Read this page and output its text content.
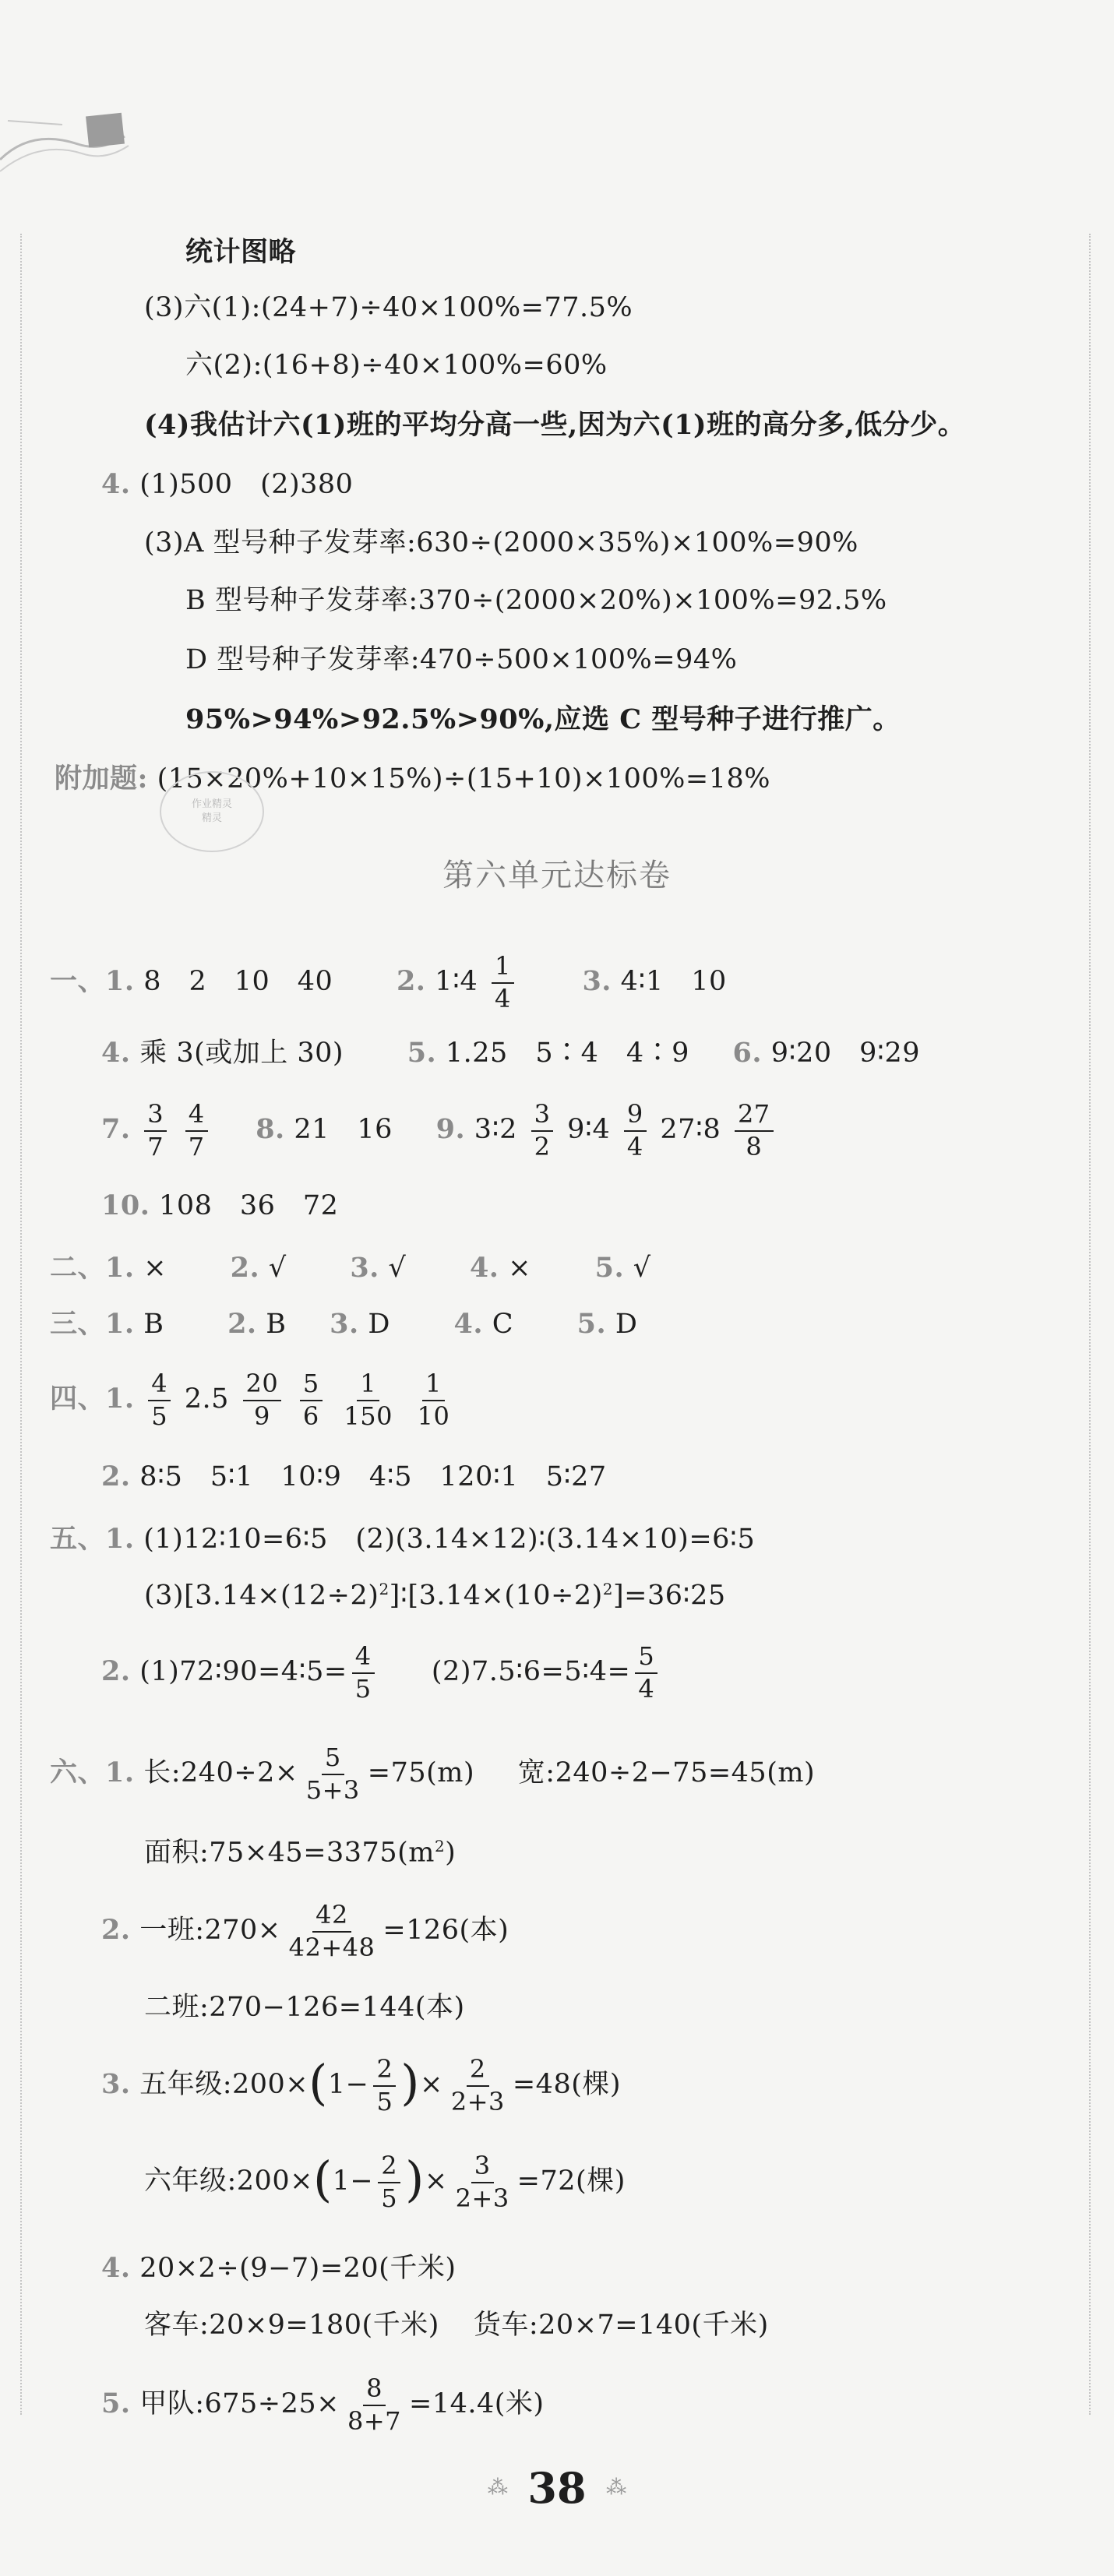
统计图略
(3)六(1):(24+7)÷40×100%=77.5%
六(2):(16+8)÷40×100%=60%
(4)我估计六(1)班的平均分高一些,因为六(1)班的高分多,低分少。
4. (1)500　(2)380
(3)A 型号种子发芽率:630÷(2000×35%)×100%=90%
B 型号种子发芽率:370÷(2000×20%)×100%=92.5%
D 型号种子发芽率:470÷500×100%=94%
95%>94%>92.5%>90%,应选 C 型号种子进行推广。
附加题: (15×20%+10×15%)÷(15+10)×100%=18%
作业精灵
精灵
第六单元达标卷
一、1. 8　2　10　40 2. 1∶4 $\frac{1}{4}$	3. 4∶1　10
4. 乘 3(或加上 30) 5. 1.25　5∶4　4∶9 6. 9∶20　9∶29
7. $\frac{3}{7}$
$\frac{4}{7} 8$. 21　16 9. 3∶2 $\frac{3}{2}$ 9∶4 $\frac{9}{4}$ 27∶8 $\frac{27}{8}$
10. 108　36　72
二、1. × 2. √ 3. √ 4. × 5. √
三、1. B 2. B 3. D 4. C 5. D
四、1. $\frac{4}{5} 2.5 \frac{20}{9}$
$\frac{5}{6}$
$\frac{1}{150}$
$\frac{1}{10}$
2. 8∶5　5∶1　10∶9　4∶5　120∶1　5∶27
五、1. (1)12∶10=6∶5　(2)(3.14×12)∶(3.14×10)=6∶5
$(3)[3.14\times(12\div 2)^2]∶[3.14\times(10\div 2)^2]=36∶25$
2. (1)72∶90=4∶5= $\frac{4}{5}$ (2)7.5∶6=5∶4= $\frac{5}{4}$
六、1. 长:240÷2× $\frac{5}{5+3} =75(m)$ 宽:240÷2−75=45(m)
面积$:75\times 45=3375(m^2)$
2. 一班:270× $\frac{42}{42+48} =126$(本)
二班:270−126=144(本)
3. 五年级:200×(1− $\frac{2}{5}$ )× $\frac{2}{2+3} =48$(棵)
六年级:200×(1− $\frac{2}{5}$ )× $\frac{3}{2+3} =72$(棵)
4. 20×2÷(9−7)=20(千米)
客车:20×9=180(千米) 货车:20×7=140(千米)
5. 甲队:675÷25× $\frac{8}{8+7} =14.4$(米)
⁂ 38 ⁂
